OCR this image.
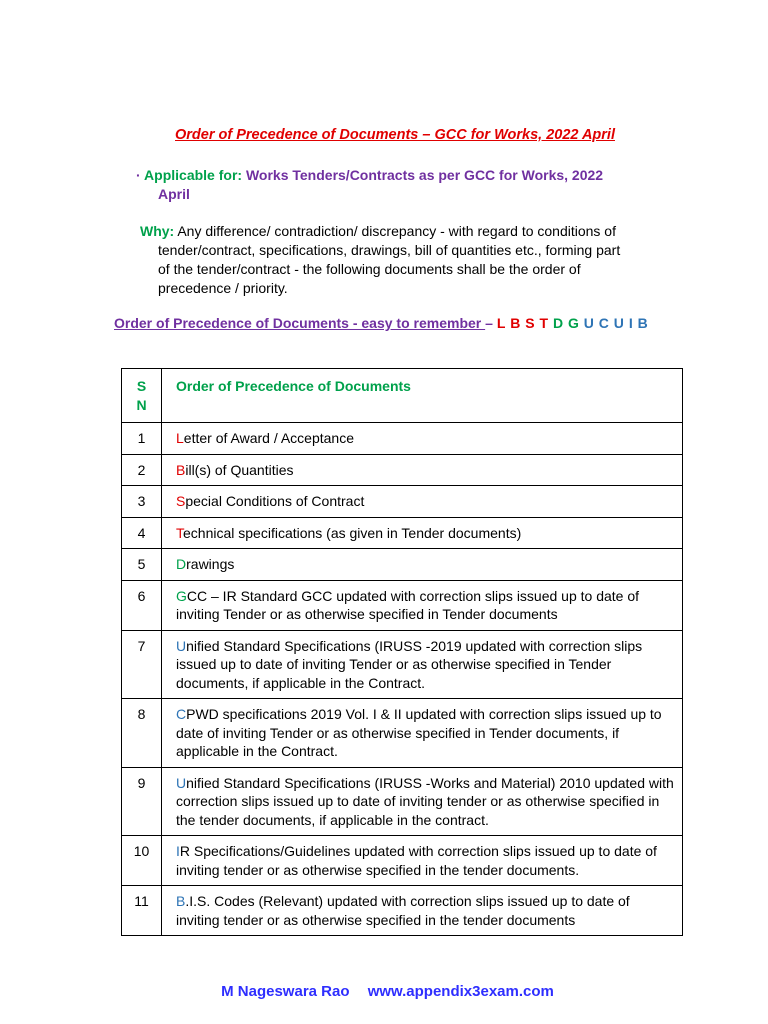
Order of Precedence of Documents – GCC for Works, 2022 April
· Applicable for: Works Tenders/Contracts as per GCC for Works, 2022
April
Why: Any difference/ contradiction/ discrepancy - with regard to conditions of
tender/contract, specifications, drawings, bill of quantities etc., forming part
of the tender/contract - the following documents shall be the order of
precedence / priority.
Order of Precedence of Documents - easy to remember – L B S T D G U C U I B
S
N	Order of Precedence of Documents
1	Letter of Award / Acceptance
2	Bill(s) of Quantities
3	Special Conditions of Contract
4	Technical specifications (as given in Tender documents)
5	Drawings
6	GCC – IR Standard GCC updated with correction slips issued up to date of inviting Tender or as otherwise specified in Tender documents
7	Unified Standard Specifications (IRUSS -2019 updated with correction slips issued up to date of inviting Tender or as otherwise specified in Tender documents, if applicable in the Contract.
8	CPWD specifications 2019 Vol. I & II updated with correction slips issued up to date of inviting Tender or as otherwise specified in Tender documents, if applicable in the Contract.
9	Unified Standard Specifications (IRUSS -Works and Material) 2010 updated with correction slips issued up to date of inviting tender or as otherwise specified in the tender documents, if applicable in the contract.
10	IR Specifications/Guidelines updated with correction slips issued up to date of inviting tender or as otherwise specified in the tender documents.
11	B.I.S. Codes (Relevant) updated with correction slips issued up to date of inviting tender or as otherwise specified in the tender documents
M Nageswara Rao www.appendix3exam.com
